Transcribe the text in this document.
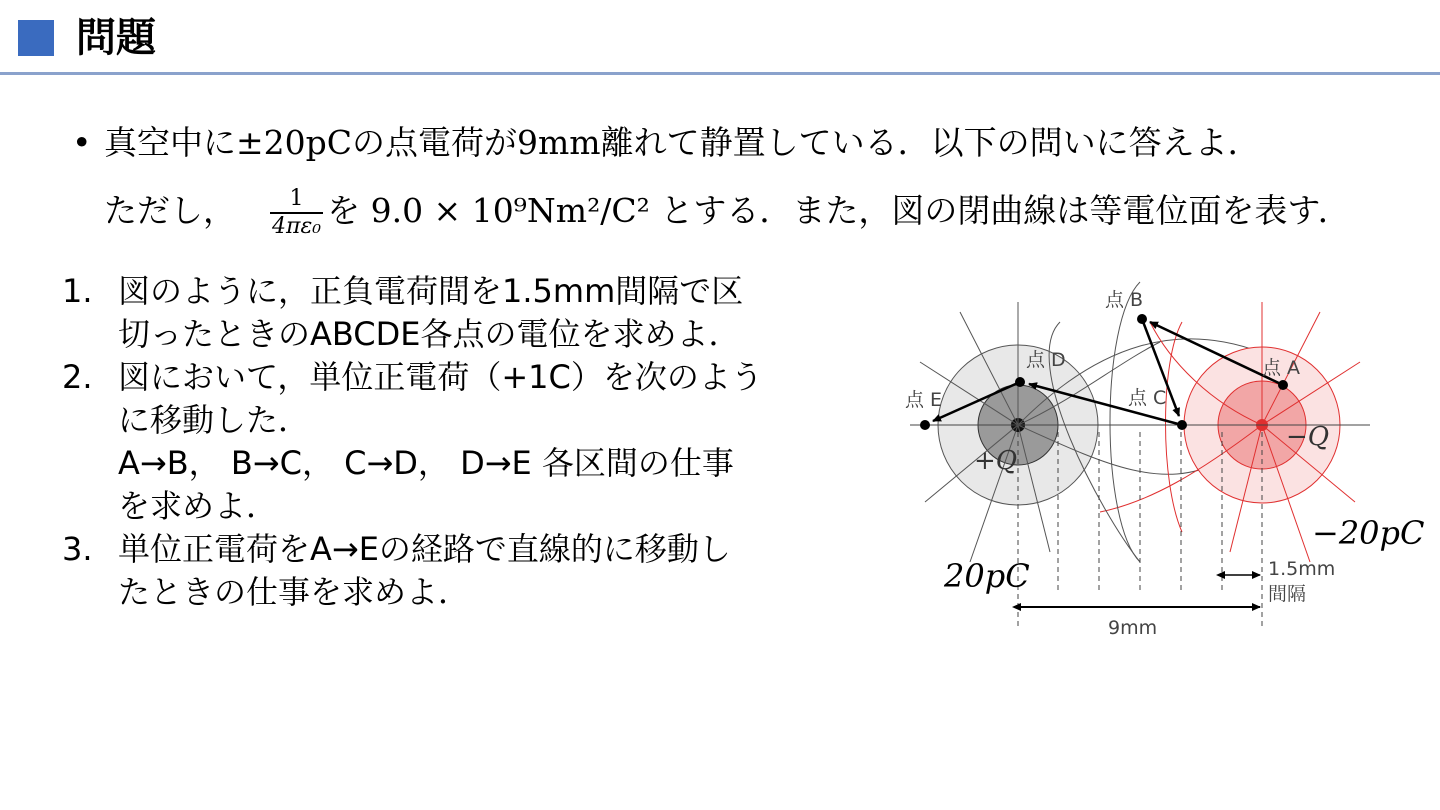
問題
• 真空中に±20pCの点電荷が9mm離れて静置している．以下の問いに答えよ．
ただし， $\frac{1}{\text{4πε₀}}$ を 9.0 × 10⁹Nm²/C² とする．また，図の閉曲線は等電位面を表す．
1. 図のように，正負電荷間を1.5mm間隔で区
切ったときのABCDE各点の電位を求めよ．
2. 図において，単位正電荷（+1C）を次のよう
に移動した．
A→B， B→C， C→D， D→E 各区間の仕事
を求めよ．
3. 単位正電荷をA→Eの経路で直線的に移動し
たときの仕事を求めよ．
点 A
点 B
点 C
点 D
点 E
1.5mm
間隔
9mm
+Q
−Q
20pC
−20pC
